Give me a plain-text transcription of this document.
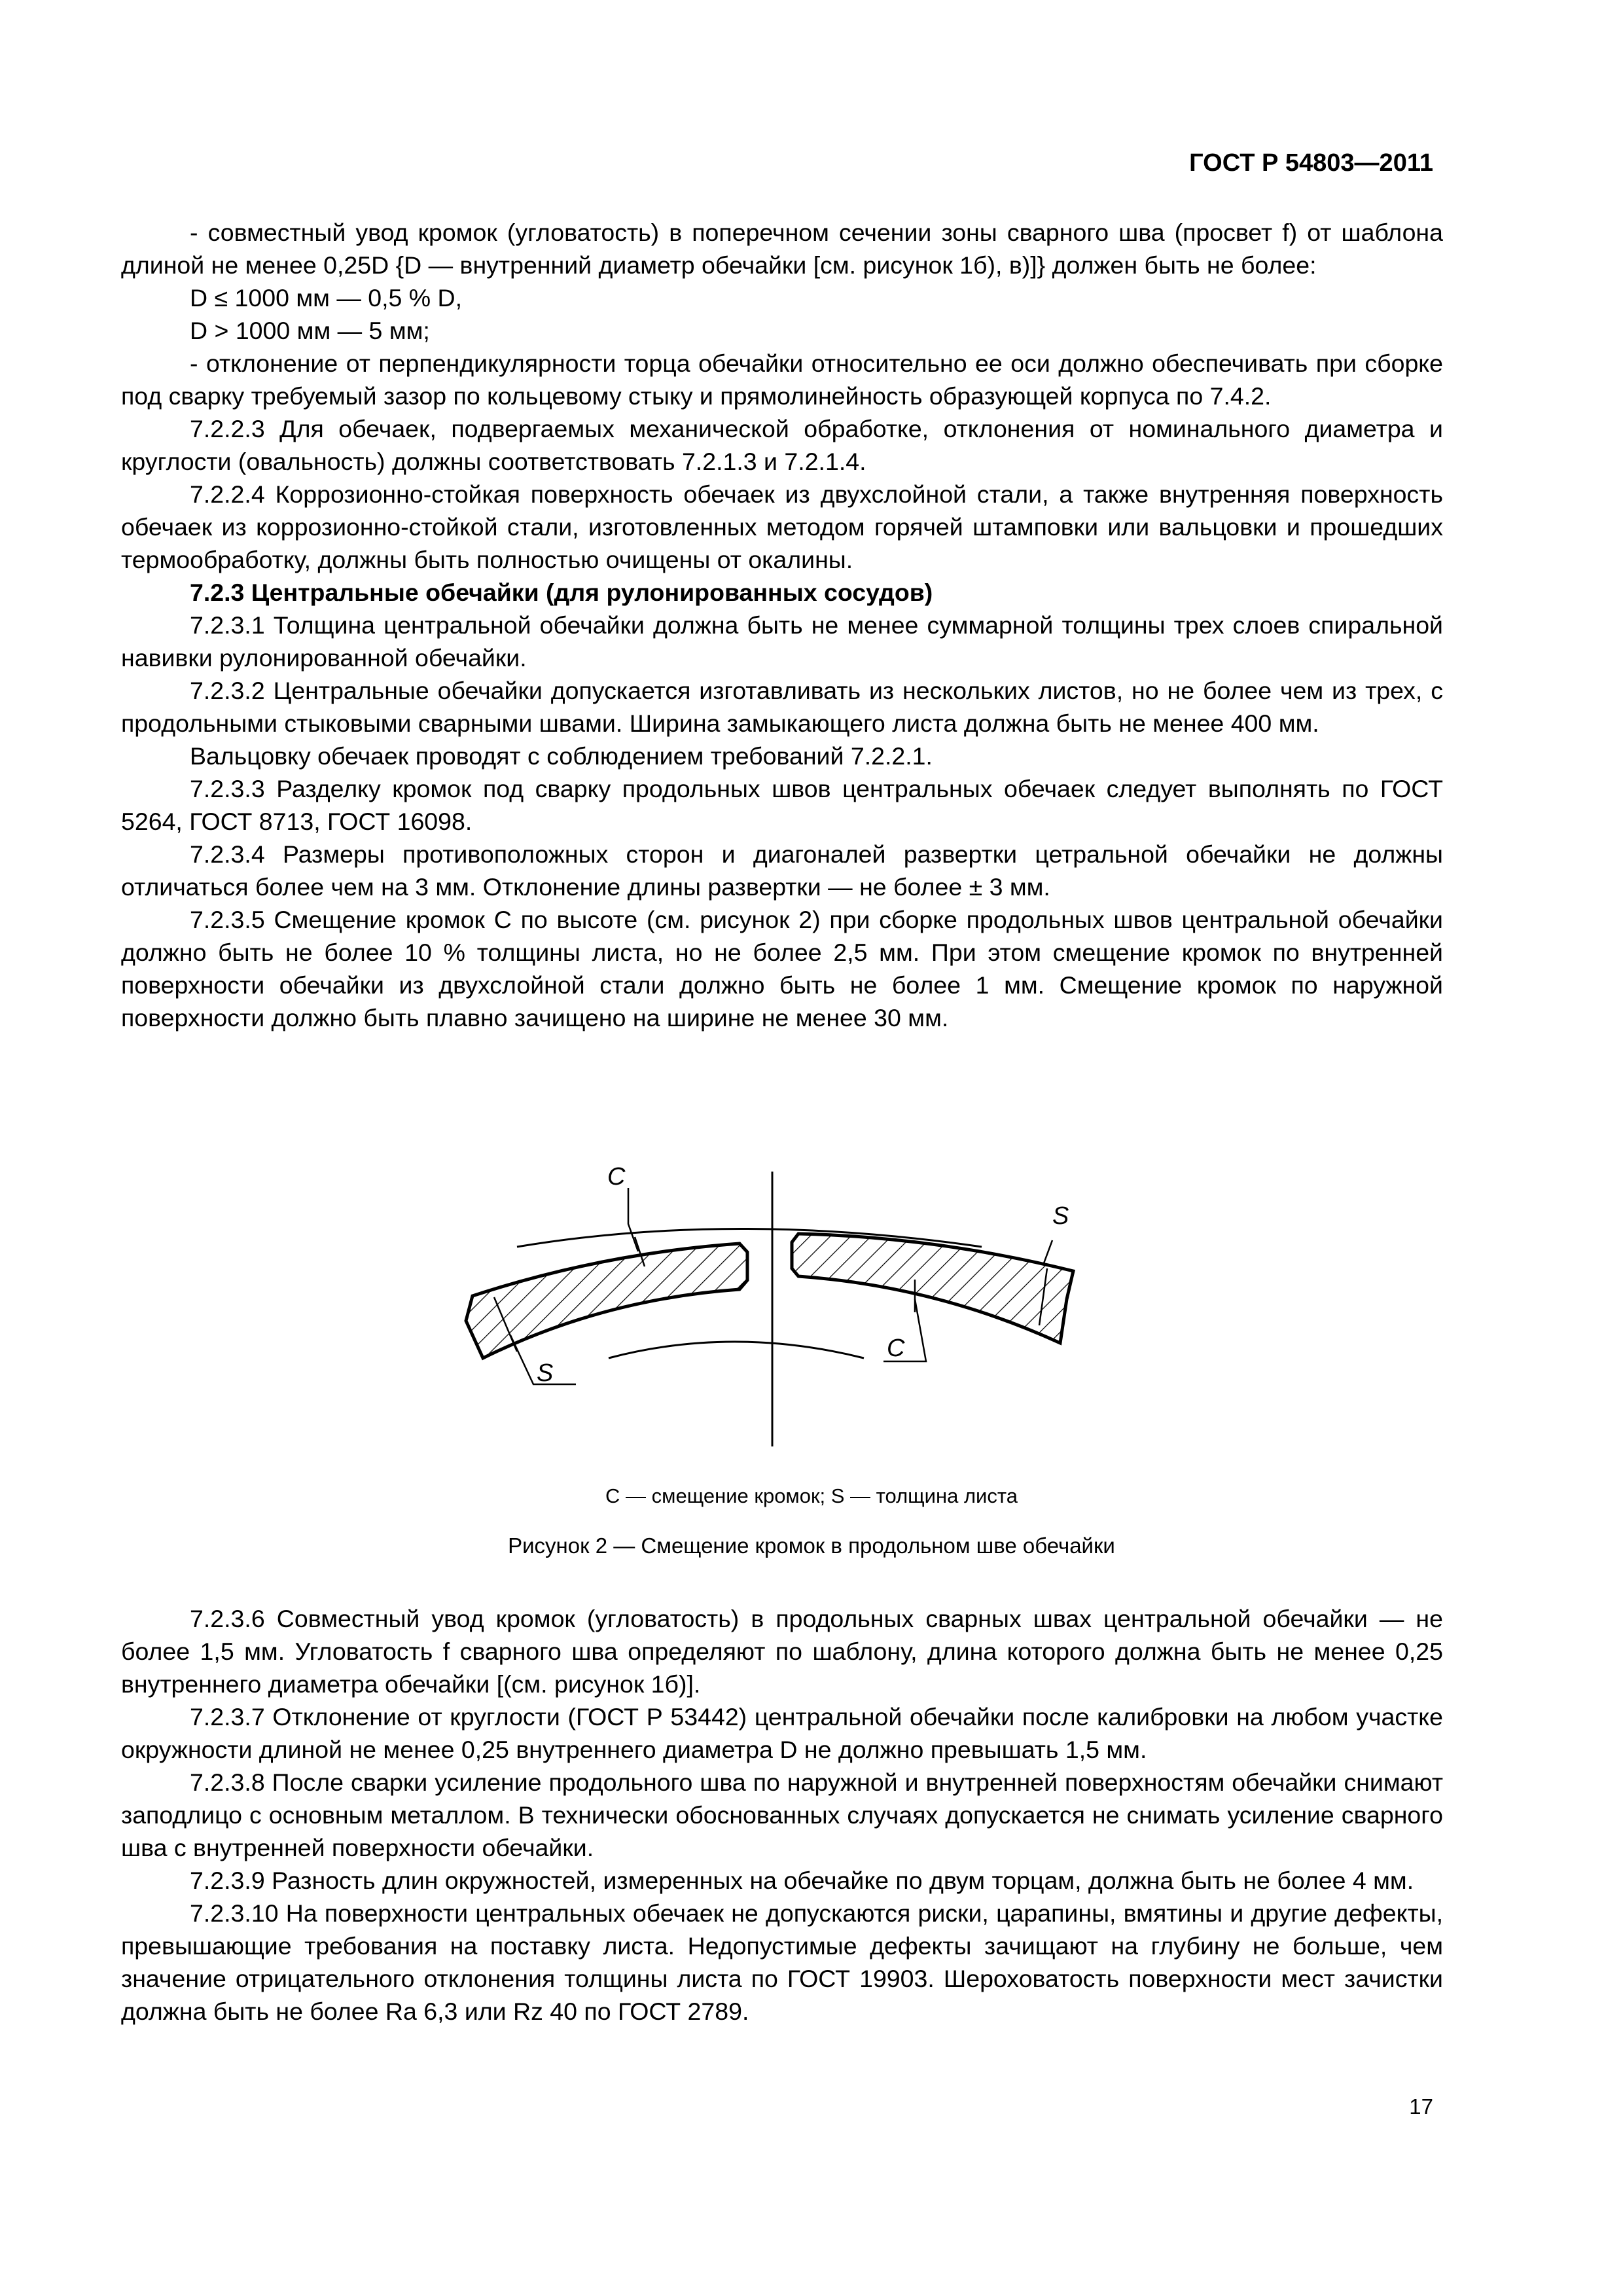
ГОСТ Р 54803—2011

- совместный увод кромок (угловатость) в поперечном сечении зоны сварного шва (просвет f) от шаблона длиной не менее 0,25D {D — внутренний диаметр обечайки [см. рисунок 1б), в)]} должен быть не более:

D ≤ 1000 мм — 0,5 % D,

D > 1000 мм — 5 мм;

- отклонение от перпендикулярности торца обечайки относительно ее оси должно обеспечивать при сборке под сварку требуемый зазор по кольцевому стыку и прямолинейность образующей корпуса по 7.4.2.

7.2.2.3 Для обечаек, подвергаемых механической обработке, отклонения от номинального диаметра и круглости (овальность) должны соответствовать 7.2.1.3 и 7.2.1.4.

7.2.2.4 Коррозионно-стойкая поверхность обечаек из двухслойной стали, а также внутренняя поверхность обечаек из коррозионно-стойкой стали, изготовленных методом горячей штамповки или вальцовки и прошедших термообработку, должны быть полностью очищены от окалины.

7.2.3 Центральные обечайки (для рулонированных сосудов)

7.2.3.1 Толщина центральной обечайки должна быть не менее суммарной толщины трех слоев спиральной навивки рулонированной обечайки.

7.2.3.2 Центральные обечайки допускается изготавливать из нескольких листов, но не более чем из трех, с продольными стыковыми сварными швами. Ширина замыкающего листа должна быть не менее 400 мм.

Вальцовку обечаек проводят с соблюдением требований 7.2.2.1.

7.2.3.3 Разделку кромок под сварку продольных швов центральных обечаек следует выполнять по ГОСТ 5264, ГОСТ 8713, ГОСТ 16098.

7.2.3.4 Размеры противоположных сторон и диагоналей развертки цетральной обечайки не должны отличаться более чем на 3 мм. Отклонение длины развертки — не более ± 3 мм.

7.2.3.5 Смещение кромок C по высоте (см. рисунок 2) при сборке продольных швов центральной обечайки должно быть не более 10 % толщины листа, но не более 2,5 мм. При этом смещение кромок по внутренней поверхности обечайки из двухслойной стали должно быть не более 1 мм. Смещение кромок по наружной поверхности должно быть плавно зачищено на ширине не менее 30 мм.

S
C
S
C
C — смещение кромок; S — толщина листа
Рисунок 2 — Смещение кромок в продольном шве обечайки

7.2.3.6 Совместный увод кромок (угловатость) в продольных сварных швах центральной обечайки — не более 1,5 мм. Угловатость f сварного шва определяют по шаблону, длина которого должна быть не менее 0,25 внутреннего диаметра обечайки [(см. рисунок 1б)].

7.2.3.7 Отклонение от круглости (ГОСТ Р 53442) центральной обечайки после калибровки на любом участке окружности длиной не менее 0,25 внутреннего диаметра D не должно превышать 1,5 мм.

7.2.3.8 После сварки усиление продольного шва по наружной и внутренней поверхностям обечайки снимают заподлицо с основным металлом. В технически обоснованных случаях допускается не снимать усиление сварного шва с внутренней поверхности обечайки.

7.2.3.9 Разность длин окружностей, измеренных на обечайке по двум торцам, должна быть не более 4 мм.

7.2.3.10 На поверхности центральных обечаек не допускаются риски, царапины, вмятины и другие дефекты, превышающие требования на поставку листа. Недопустимые дефекты зачищают на глубину не больше, чем значение отрицательного отклонения толщины листа по ГОСТ 19903. Шероховатость поверхности мест зачистки должна быть не более Ra 6,3 или Rz 40 по ГОСТ 2789.

17
